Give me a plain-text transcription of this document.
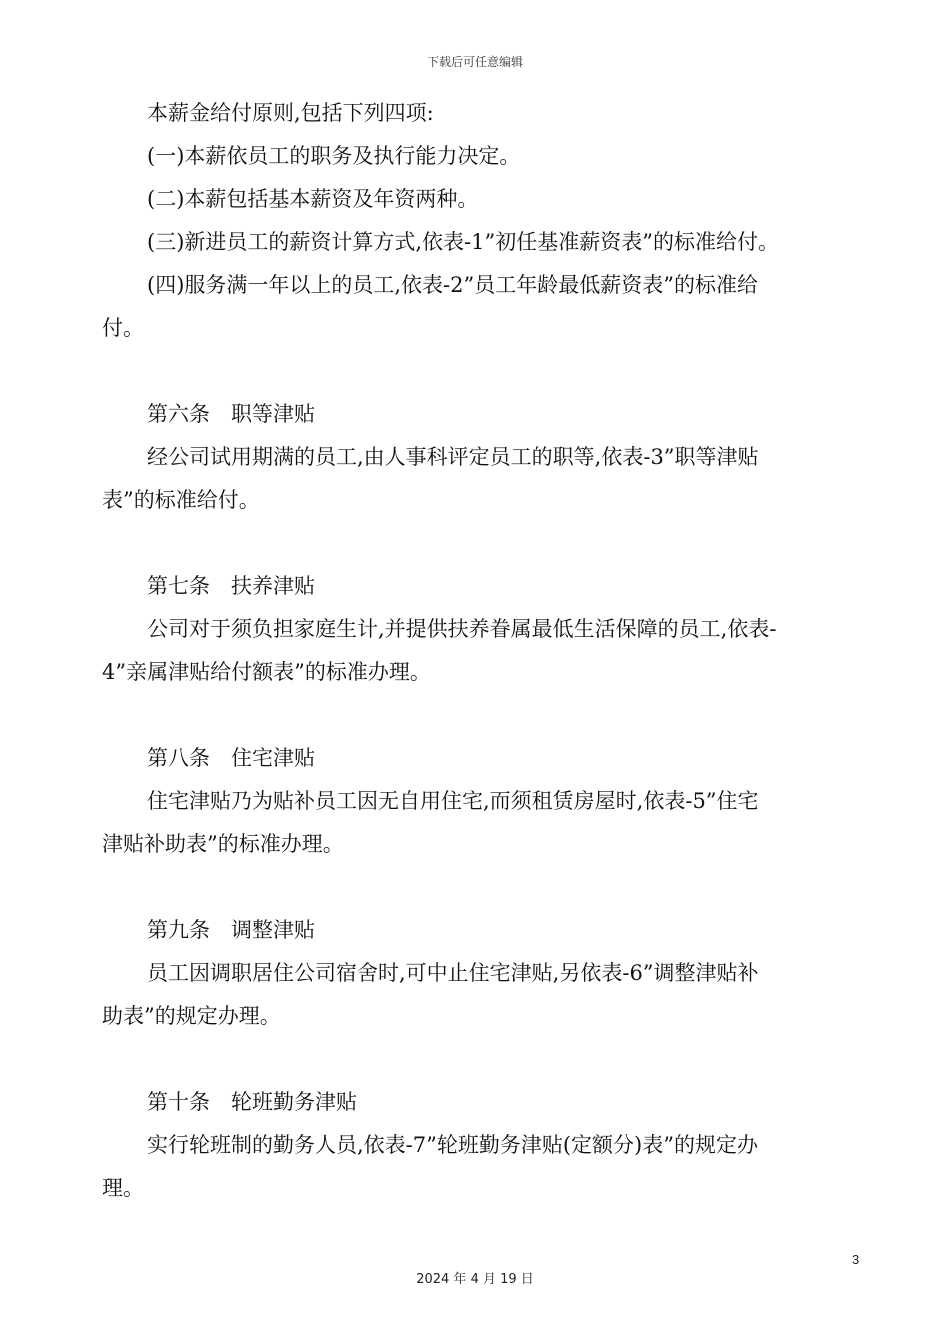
下载后可任意编辑
本薪金给付原则,包括下列四项:
(一)本薪依员工的职务及执行能力决定。
(二)本薪包括基本薪资及年资两种。
(三)新进员工的薪资计算方式,依表-1”初任基准薪资表”的标准给付。
(四)服务满一年以上的员工,依表-2”员工年龄最低薪资表”的标准给
付。
第六条　职等津贴
经公司试用期满的员工,由人事科评定员工的职等,依表-3”职等津贴
表”的标准给付。
第七条　扶养津贴
公司对于须负担家庭生计,并提供扶养眷属最低生活保障的员工,依表-
4”亲属津贴给付额表”的标准办理。
第八条　住宅津贴
住宅津贴乃为贴补员工因无自用住宅,而须租赁房屋时,依表-5”住宅
津贴补助表”的标准办理。
第九条　调整津贴
员工因调职居住公司宿舍时,可中止住宅津贴,另依表-6”调整津贴补
助表”的规定办理。
第十条　轮班勤务津贴
实行轮班制的勤务人员,依表-7”轮班勤务津贴(定额分)表”的规定办
理。
3
2024 年 4 月 19 日
